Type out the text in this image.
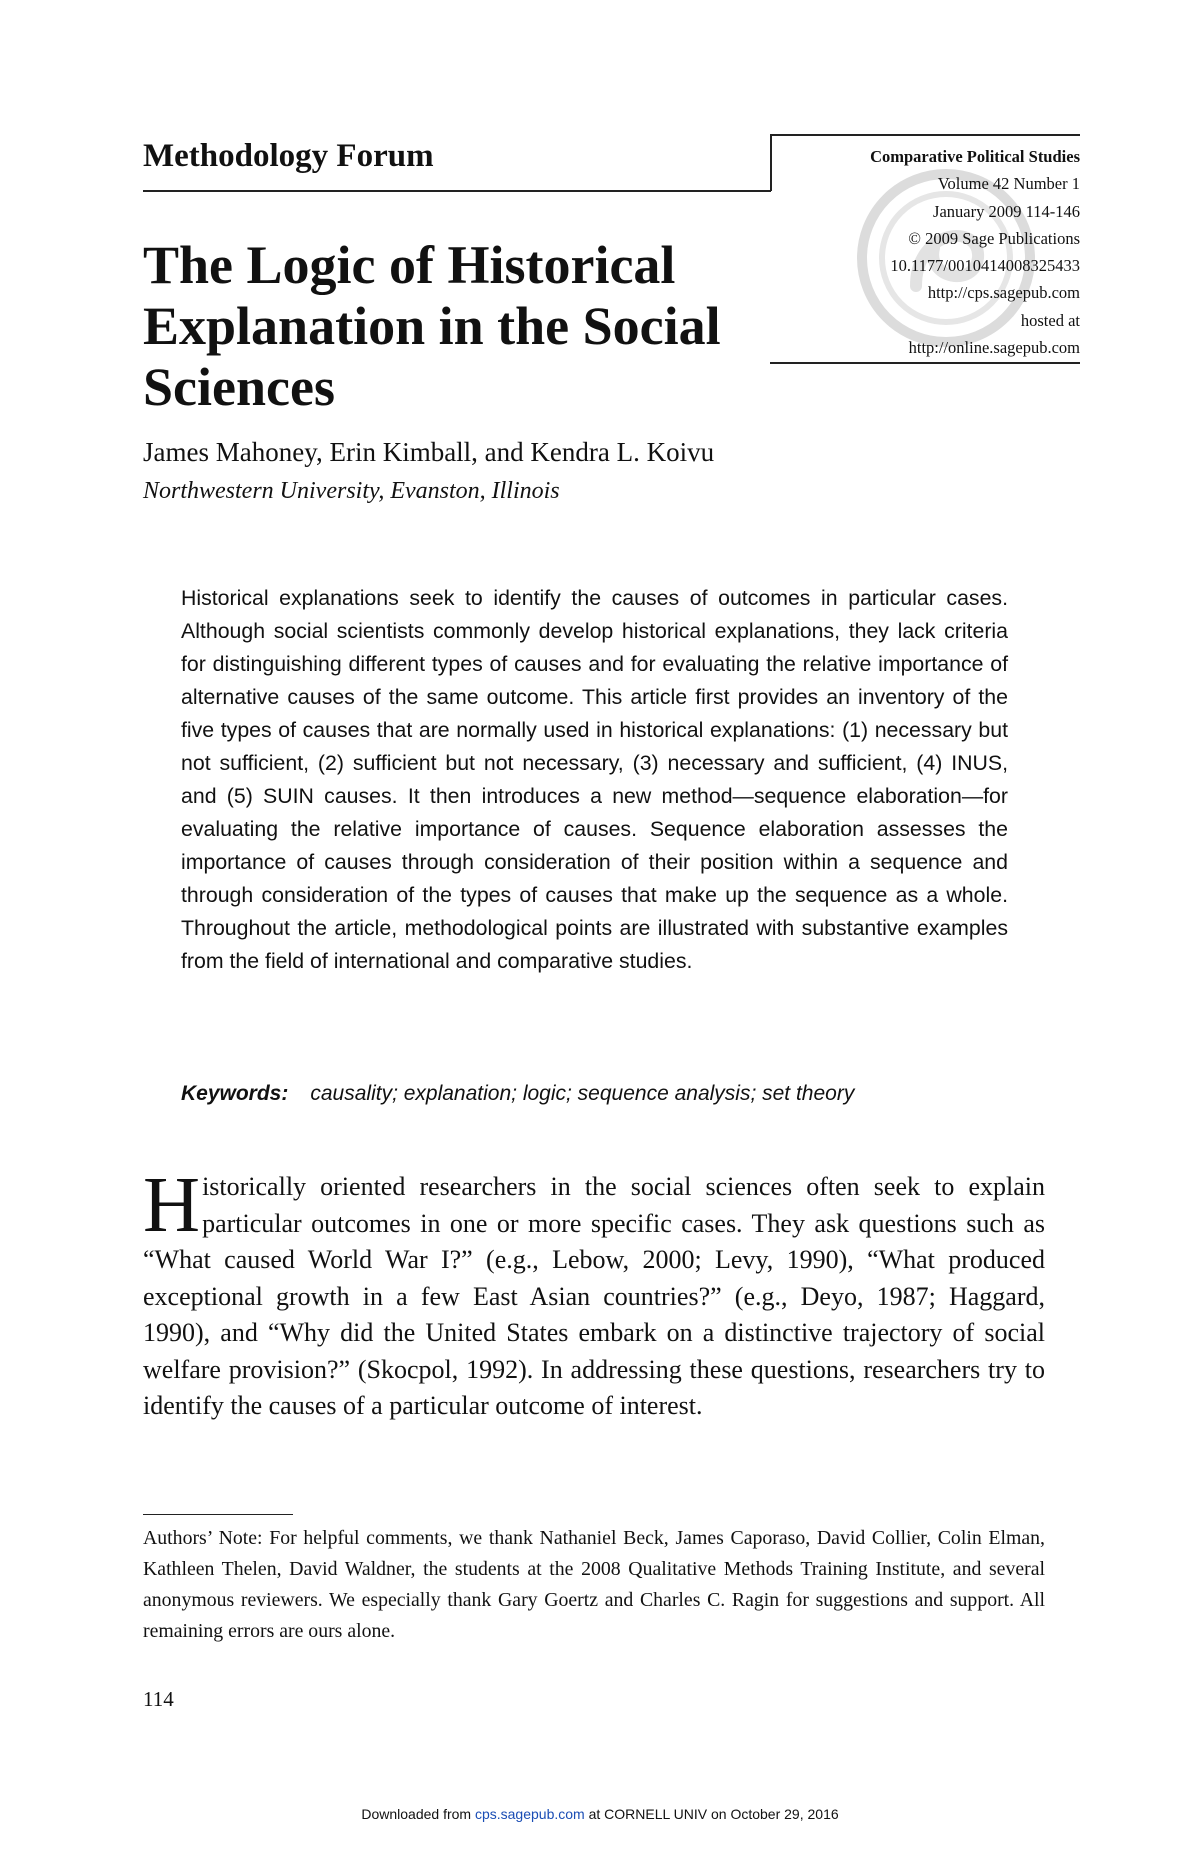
Methodology Forum	Comparative Political Studies
Volume 42 Number 1
January 2009 114-146
© 2009 Sage Publications
10.1177/0010414008325433
http://cps.sagepub.com
hosted at
http://online.sagepub.com
The Logic of Historical Explanation in the Social Sciences
James Mahoney, Erin Kimball, and Kendra L. Koivu
Northwestern University, Evanston, Illinois
Historical explanations seek to identify the causes of outcomes in particular cases. Although social scientists commonly develop historical explanations, they lack criteria for distinguishing different types of causes and for evaluating the relative importance of alternative causes of the same outcome. This article first provides an inventory of the five types of causes that are normally used in historical explanations: (1) necessary but not sufficient, (2) sufficient but not necessary, (3) necessary and sufficient, (4) INUS, and (5) SUIN causes. It then introduces a new method—sequence elaboration—for evaluating the relative importance of causes. Sequence elaboration assesses the importance of causes through consideration of their position within a sequence and through consideration of the types of causes that make up the sequence as a whole. Throughout the article, methodological points are illustrated with substantive examples from the field of international and comparative studies.
Keywords: causality; explanation; logic; sequence analysis; set theory
Historically oriented researchers in the social sciences often seek to explain particular outcomes in one or more specific cases. They ask questions such as “What caused World War I?” (e.g., Lebow, 2000; Levy, 1990), “What produced exceptional growth in a few East Asian countries?” (e.g., Deyo, 1987; Haggard, 1990), and “Why did the United States embark on a distinctive trajectory of social welfare provision?” (Skocpol, 1992). In addressing these questions, researchers try to identify the causes of a particular outcome of interest.
Authors’ Note: For helpful comments, we thank Nathaniel Beck, James Caporaso, David Collier, Colin Elman, Kathleen Thelen, David Waldner, the students at the 2008 Qualitative Methods Training Institute, and several anonymous reviewers. We especially thank Gary Goertz and Charles C. Ragin for suggestions and support. All remaining errors are ours alone.
114
Downloaded from cps.sagepub.com at CORNELL UNIV on October 29, 2016
